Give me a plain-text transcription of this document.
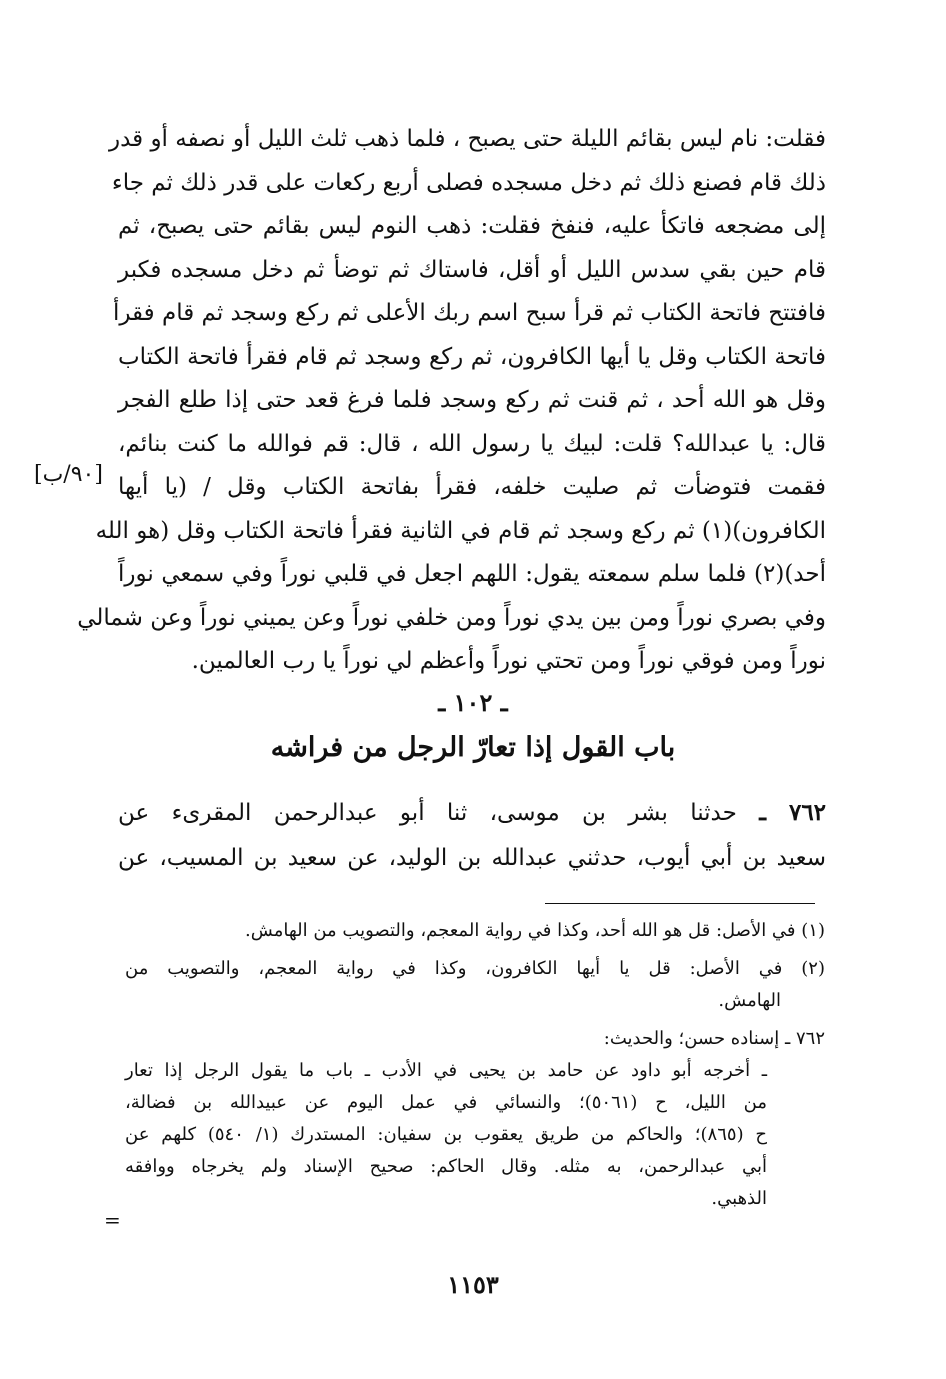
فقلت: نام ليس بقائم الليلة حتى يصبح ، فلما ذهب ثلث الليل أو نصفه أو قدر
ذلك قام فصنع ذلك ثم دخل مسجده فصلى أربع ركعات على قدر ذلك ثم جاء
إلى مضجعه فاتكأ عليه، فنفخ فقلت: ذهب النوم ليس بقائم حتى يصبح، ثم
قام حين بقي سدس الليل أو أقل، فاستاك ثم توضأ ثم دخل مسجده فكبر
فافتتح فاتحة الكتاب ثم قرأ سبح اسم ربك الأعلى ثم ركع وسجد ثم قام فقرأ
فاتحة الكتاب وقل يا أيها الكافرون، ثم ركع وسجد ثم قام فقرأ فاتحة الكتاب
وقل هو الله أحد ، ثم قنت ثم ركع وسجد فلما فرغ قعد حتى إذا طلع الفجر
قال: يا عبدالله؟ قلت: لبيك يا رسول الله ، قال: قم فوالله ما كنت بنائم،
فقمت فتوضأت ثم صليت خلفه، فقرأ بفاتحة الكتاب وقل / (يا أيها
الكافرون)(١) ثم ركع وسجد ثم قام في الثانية فقرأ فاتحة الكتاب وقل (هو الله
أحد)(٢) فلما سلم سمعته يقول: اللهم اجعل في قلبي نوراً وفي سمعي نوراً
وفي بصري نوراً ومن بين يدي نوراً ومن خلفي نوراً وعن يميني نوراً وعن شمالي
نوراً ومن فوقي نوراً ومن تحتي نوراً وأعظم لي نوراً يا رب العالمين.
[٩٠/ب]
ـ ١٠٢ ـ
باب القول إذا تعارّ الرجل من فراشه
٧٦٢ ـ حدثنا بشر بن موسى، ثنا أبو عبدالرحمن المقرىء عن
سعيد بن أبي أيوب، حدثني عبدالله بن الوليد، عن سعيد بن المسيب، عن
(١) في الأصل: قل هو الله أحد، وكذا في رواية المعجم، والتصويب من الهامش.
(٢) في الأصل: قل يا أيها الكافرون، وكذا في رواية المعجم، والتصويب من
الهامش.
٧٦٢ ـ إسناده حسن؛ والحديث:
ـ أخرجه أبو داود عن حامد بن يحيى في الأدب ـ باب ما يقول الرجل إذا تعار
من الليل، ح (٥٠٦١)؛ والنسائي في عمل اليوم عن عبيدالله بن فضالة،
ح (٨٦٥)؛ والحاكم من طريق يعقوب بن سفيان: المستدرك (١/ ٥٤٠) كلهم عن
أبي عبدالرحمن، به مثله. وقال الحاكم: صحيح الإسناد ولم يخرجاه ووافقه
الذهبي.
=
١١٥٣
